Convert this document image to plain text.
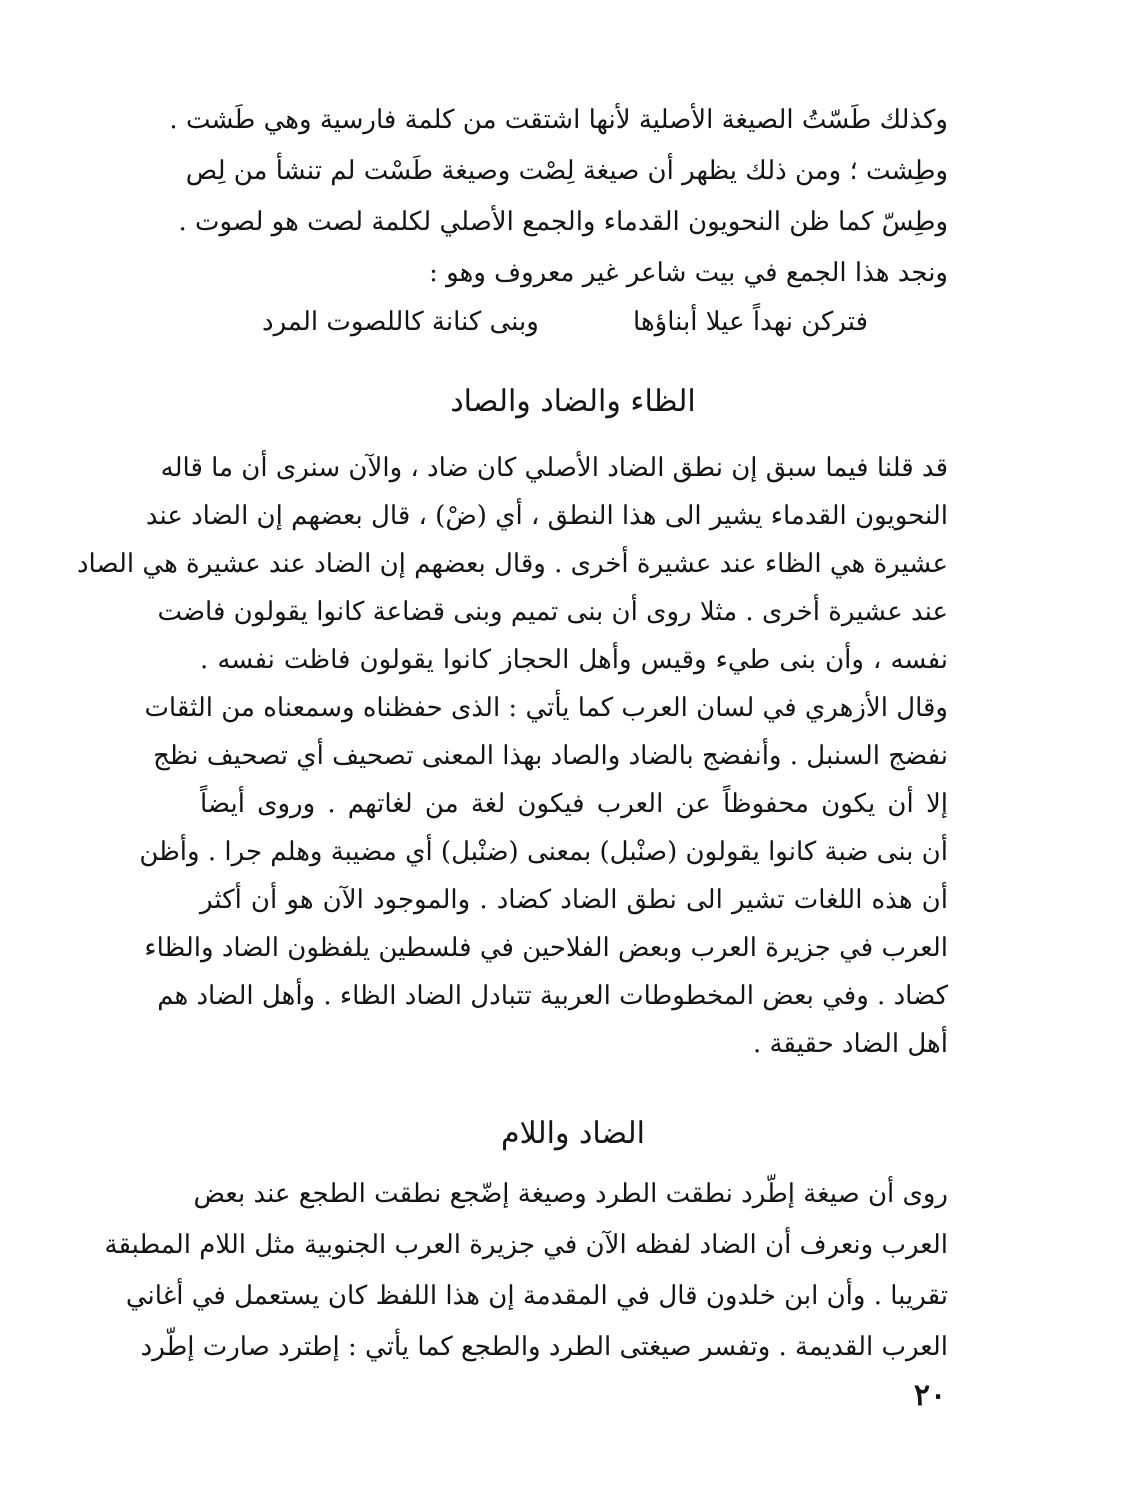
وكذلك طَسّتُ الصيغة الأصلية لأنها اشتقت من كلمة فارسية وهي طَشت .
وطِشت ؛ ومن ذلك يظهر أن صيغة لِصْت وصيغة طَسْت لم تنشأ من لِص
وطِسّ كما ظن النحويون القدماء والجمع الأصلي لكلمة لصت هو لصوت .
ونجد هذا الجمع في بيت شاعر غير معروف وهو :
فتركن نهداً عيلا أبناؤها
وبنى كنانة كاللصوت المرد
الظاء والضاد والصاد
قد قلنا فيما سبق إن نطق الضاد الأصلي كان ضاد ، والآن سنرى أن ما قاله
النحويون القدماء يشير الى هذا النطق ، أي (ضْ) ، قال بعضهم إن الضاد عند
عشيرة هي الظاء عند عشيرة أخرى . وقال بعضهم إن الضاد عند عشيرة هي الصاد
عند عشيرة أخرى . مثلا روى أن بنى تميم وبنى قضاعة كانوا يقولون فاضت
نفسه ، وأن بنى طيء وقيس وأهل الحجاز كانوا يقولون فاظت نفسه .
وقال الأزهري في لسان العرب كما يأتي : الذى حفظناه وسمعناه من الثقات
نفضج السنبل . وأنفضج بالضاد والصاد بهذا المعنى تصحيف أي تصحيف نظج
إلا أن يكون محفوظاً عن العرب فيكون لغة من لغاتهم . وروى أيضاً
أن بنى ضبة كانوا يقولون (صنْبل) بمعنى (ضنْبل) أي مضيبة وهلم جرا . وأظن
أن هذه اللغات تشير الى نطق الضاد كضاد . والموجود الآن هو أن أكثر
العرب في جزيرة العرب وبعض الفلاحين في فلسطين يلفظون الضاد والظاء
كضاد . وفي بعض المخطوطات العربية تتبادل الضاد الظاء . وأهل الضاد هم
أهل الضاد حقيقة .
الضاد واللام
روى أن صيغة إطّرد نطقت الطرد وصيغة إضّجع نطقت الطجع عند بعض
العرب ونعرف أن الضاد لفظه الآن في جزيرة العرب الجنوبية مثل اللام المطبقة
تقريبا . وأن ابن خلدون قال في المقدمة إن هذا اللفظ كان يستعمل في أغاني
العرب القديمة . وتفسر صيغتى الطرد والطجع كما يأتي : إطترد صارت إطّرد
٢٠
